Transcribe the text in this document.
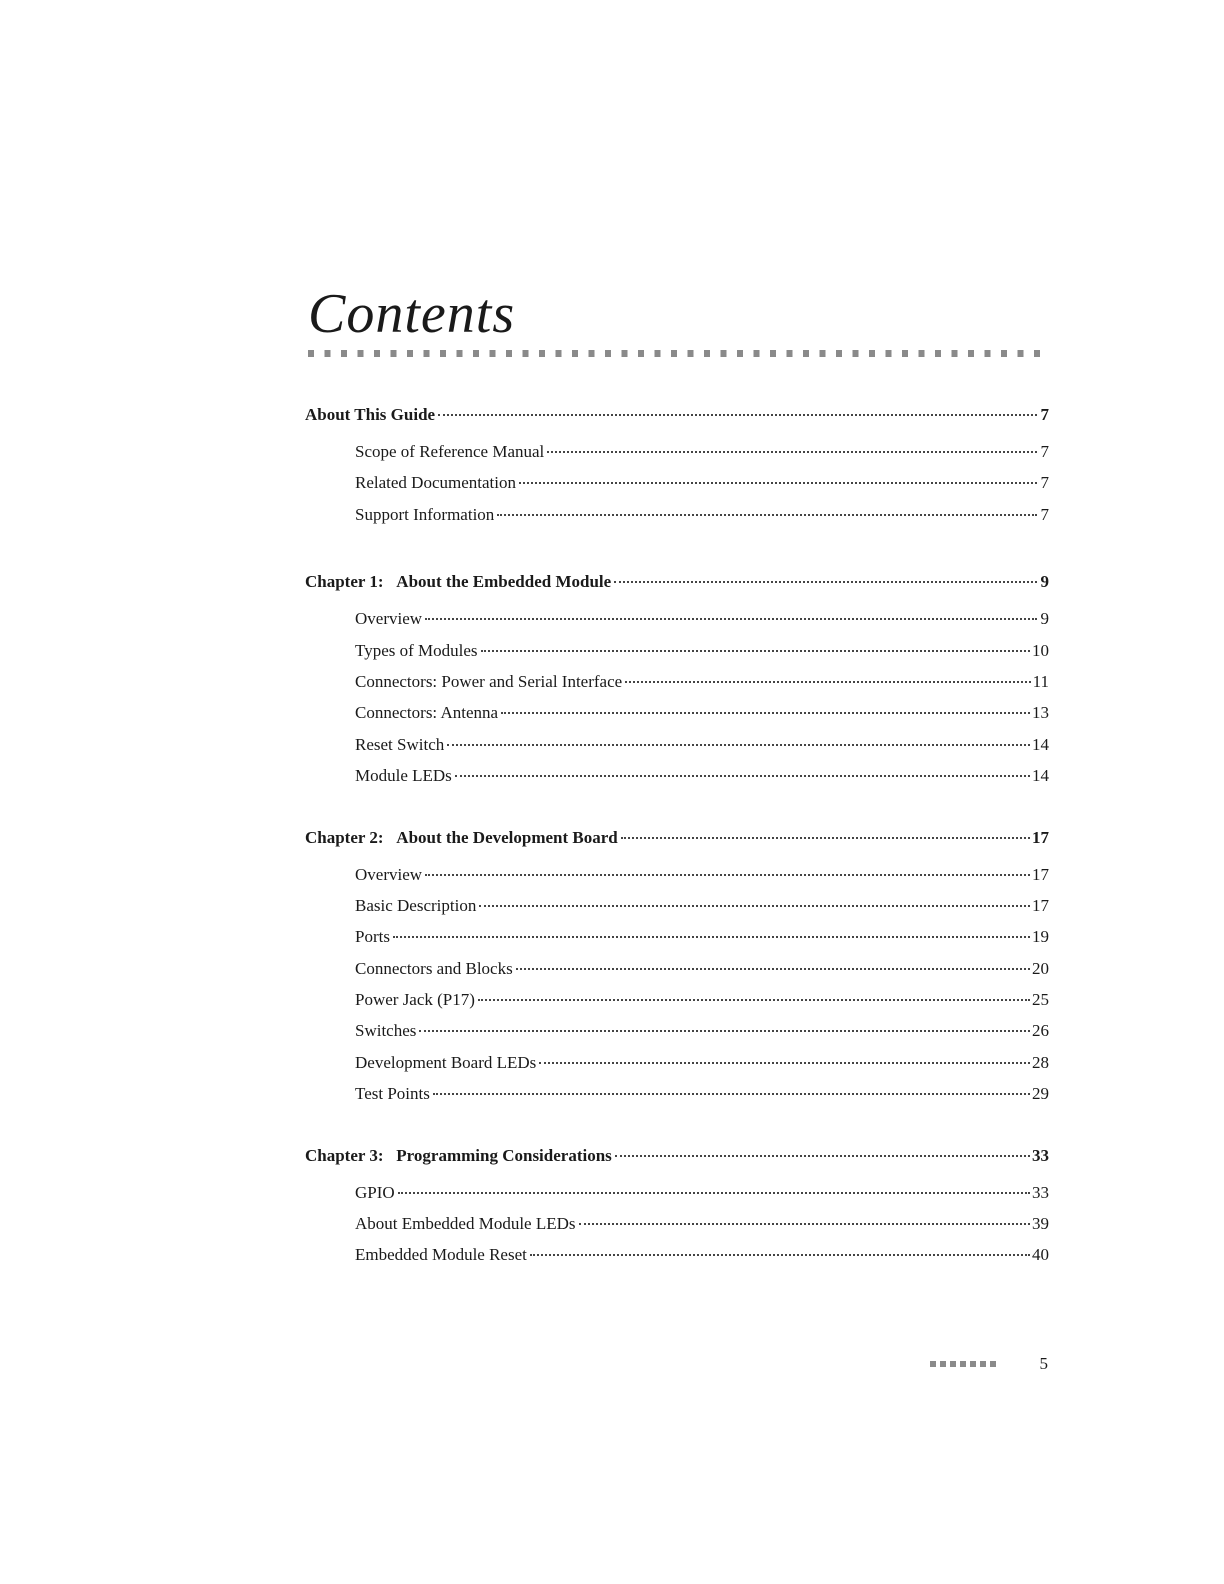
Contents
About This Guide	7
Scope of Reference Manual	7
Related Documentation	7
Support Information	7
Chapter 1:   About the Embedded Module	9
Overview	9
Types of Modules	10
Connectors: Power and Serial Interface	11
Connectors: Antenna	13
Reset Switch	14
Module LEDs	14
Chapter 2:   About the Development Board	17
Overview	17
Basic Description	17
Ports	19
Connectors and Blocks	20
Power Jack (P17)	25
Switches	26
Development Board LEDs	28
Test Points	29
Chapter 3:   Programming Considerations	33
GPIO	33
About Embedded Module LEDs	39
Embedded Module Reset	40
5
